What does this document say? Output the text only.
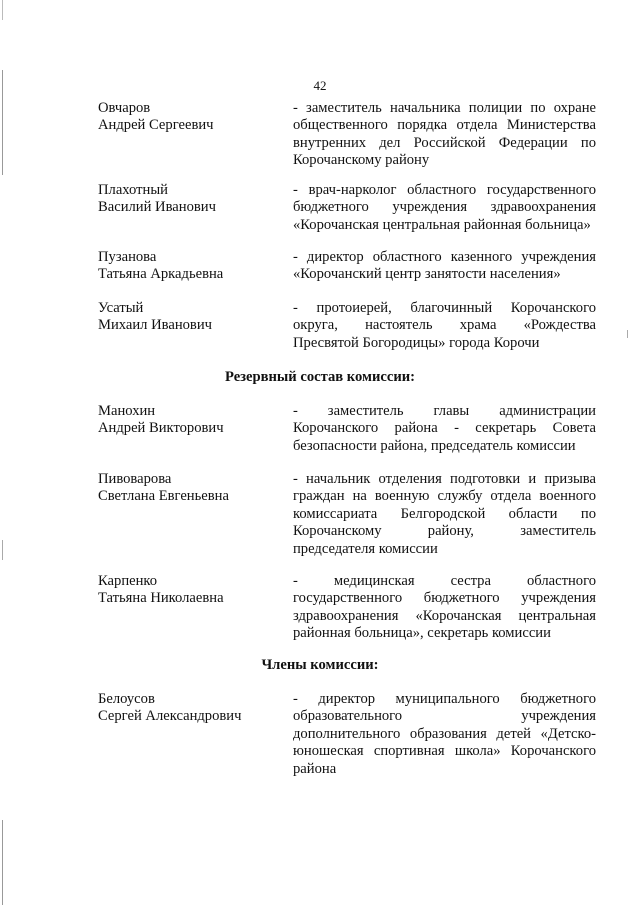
42
Овчаров
Андрей Сергеевич
- заместитель начальника полиции по охране
общественного порядка отдела Министерства
внутренних дел Российской Федерации по
Корочанскому району
Плахотный
Василий Иванович
- врач-нарколог областного государственного
бюджетного учреждения здравоохранения
«Корочанская центральная районная больница»
Пузанова
Татьяна Аркадьевна
- директор областного казенного учреждения
«Корочанский центр занятости населения»
Усатый
Михаил Иванович
- протоиерей, благочинный Корочанского
округа, настоятель храма «Рождества
Пресвятой Богородицы» города Корочи
Резервный состав комиссии:
Манохин
Андрей Викторович
- заместитель главы администрации
Корочанского района - секретарь Совета
безопасности района, председатель комиссии
Пивоварова
Светлана Евгеньевна
- начальник отделения подготовки и призыва
граждан на военную службу отдела военного
комиссариата Белгородской области по
Корочанскому району, заместитель
председателя комиссии
Карпенко
Татьяна Николаевна
- медицинская сестра областного
государственного бюджетного учреждения
здравоохранения «Корочанская центральная
районная больница», секретарь комиссии
Члены комиссии:
Белоусов
Сергей Александрович
- директор муниципального бюджетного
образовательного учреждения
дополнительного образования детей «Детско-
юношеская спортивная школа» Корочанского
района
